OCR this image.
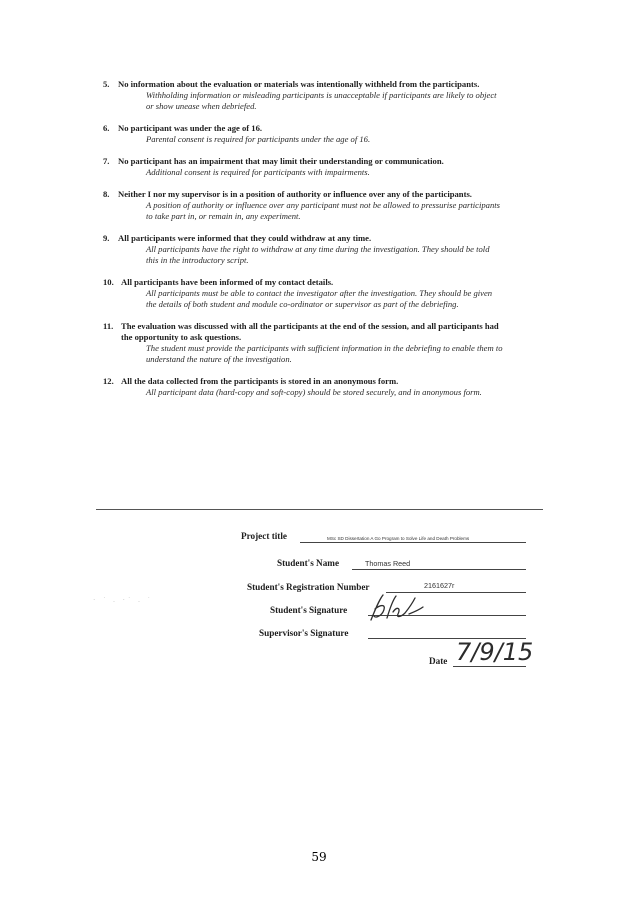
5. No information about the evaluation or materials was intentionally withheld from the participants.
Withholding information or misleading participants is unacceptable if participants are likely to object or show unease when debriefed.
6. No participant was under the age of 16.
Parental consent is required for participants under the age of 16.
7. No participant has an impairment that may limit their understanding or communication.
Additional consent is required for participants with impairments.
8. Neither I nor my supervisor is in a position of authority or influence over any of the participants.
A position of authority or influence over any participant must not be allowed to pressurise participants to take part in, or remain in, any experiment.
9. All participants were informed that they could withdraw at any time.
All participants have the right to withdraw at any time during the investigation. They should be told this in the introductory script.
10. All participants have been informed of my contact details.
All participants must be able to contact the investigator after the investigation. They should be given the details of both student and module co-ordinator or supervisor as part of the debriefing.
11. The evaluation was discussed with all the participants at the end of the session, and all participants had the opportunity to ask questions.
The student must provide the participants with sufficient information in the debriefing to enable them to understand the nature of the investigation.
12. All the data collected from the participants is stored in an anonymous form.
All participant data (hard-copy and soft-copy) should be stored securely, and in anonymous form.
Project title	MSc SD Dissertation A Go Program to Solve Life and Death Problems
Student's Name	Thomas Reed
Student's Registration Number	2161627r
Student's Signature
Supervisor's Signature
Date 7/9/15
· ˙ . ·˙ . ˙
59
